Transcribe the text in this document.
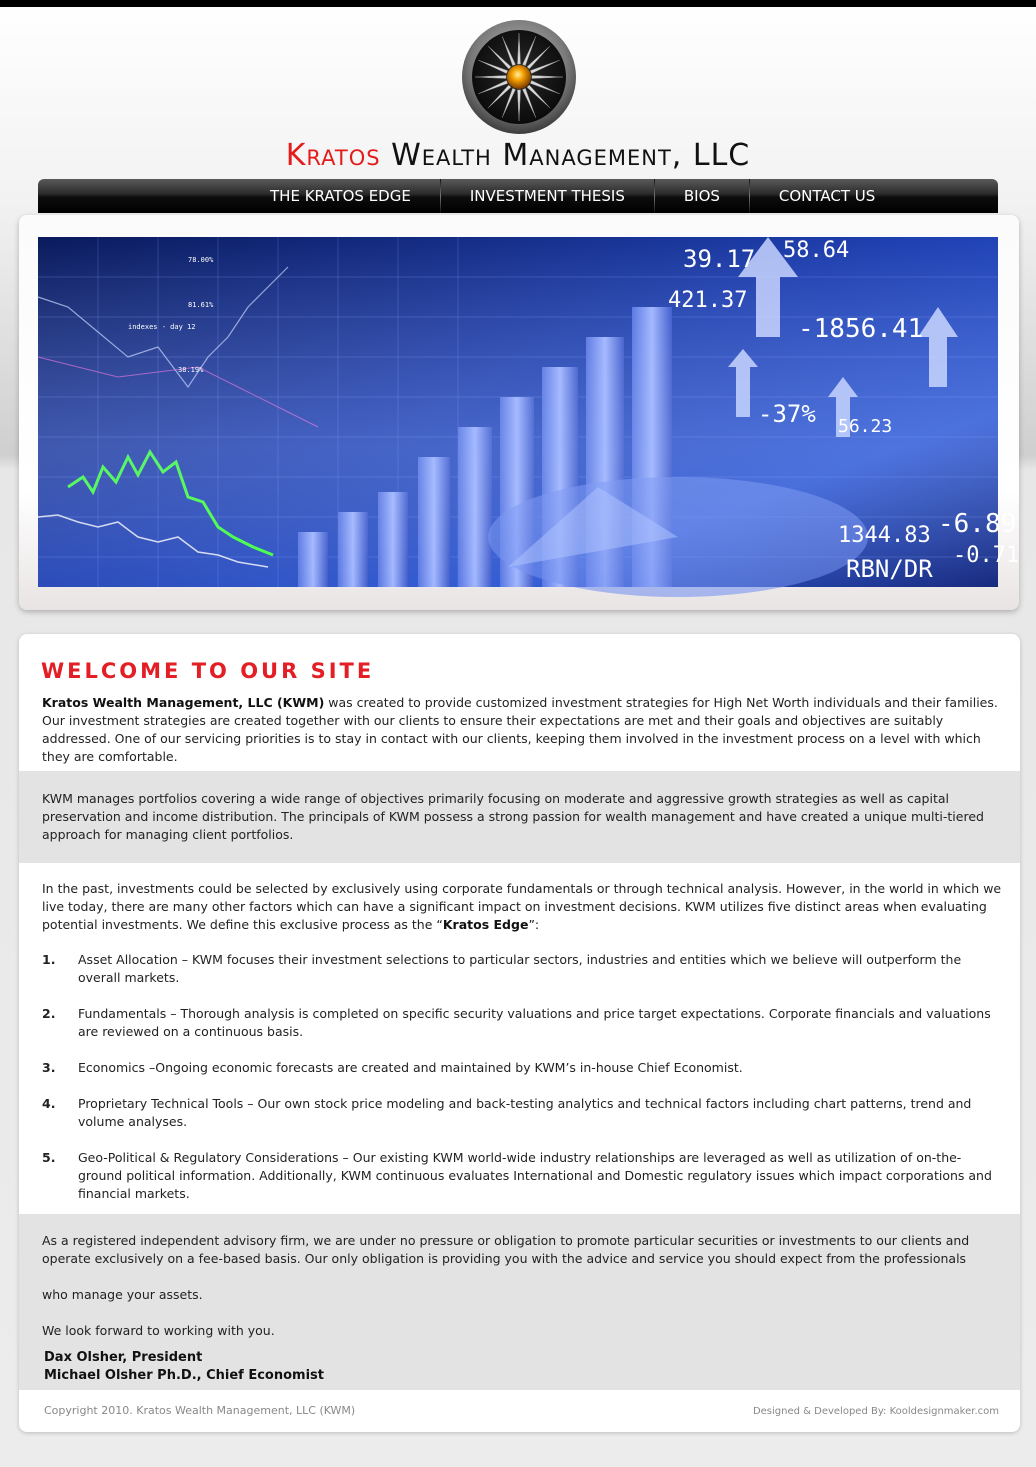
Kratos Wealth Management, LLC
THE KRATOS EDGE	INVESTMENT THESIS	BIOS	CONTACT US
-1856.41
421.37
56.23
-37%
-6.89
1344.83
RBN/DR -0.71
39.17 58.64
78.00%
81.61%
indexes - day 12
38.19%
WELCOME TO OUR SITE
Kratos Wealth Management, LLC (KWM) was created to provide customized investment strategies for High Net Worth individuals and their families. Our investment strategies are created together with our clients to ensure their expectations are met and their goals and objectives are suitably addressed. One of our servicing priorities is to stay in contact with our clients, keeping them involved in the investment process on a level with which they are comfortable.
KWM manages portfolios covering a wide range of objectives primarily focusing on moderate and aggressive growth strategies as well as capital preservation and income distribution. The principals of KWM possess a strong passion for wealth management and have created a unique multi-tiered approach for managing client portfolios.
In the past, investments could be selected by exclusively using corporate fundamentals or through technical analysis. However, in the world in which we live today, there are many other factors which can have a significant impact on investment decisions. KWM utilizes five distinct areas when evaluating potential investments. We define this exclusive process as the “Kratos Edge”:
1. Asset Allocation – KWM focuses their investment selections to particular sectors, industries and entities which we believe will outperform the overall markets.
2. Fundamentals – Thorough analysis is completed on specific security valuations and price target expectations. Corporate financials and valuations are reviewed on a continuous basis.
3. Economics –Ongoing economic forecasts are created and maintained by KWM’s in-house Chief Economist.
4. Proprietary Technical Tools – Our own stock price modeling and back-testing analytics and technical factors including chart patterns, trend and volume analyses.
5. Geo-Political & Regulatory Considerations – Our existing KWM world-wide industry relationships are leveraged as well as utilization of on-the-ground political information. Additionally, KWM continuous evaluates International and Domestic regulatory issues which impact corporations and financial markets.
As a registered independent advisory firm, we are under no pressure or obligation to promote particular securities or investments to our clients and operate exclusively on a fee-based basis. Our only obligation is providing you with the advice and service you should expect from the professionals
who manage your assets.
We look forward to working with you.
Dax Olsher, President
Michael Olsher Ph.D., Chief Economist
Copyright 2010. Kratos Wealth Management, LLC (KWM)	Designed & Developed By: Kooldesignmaker.com
